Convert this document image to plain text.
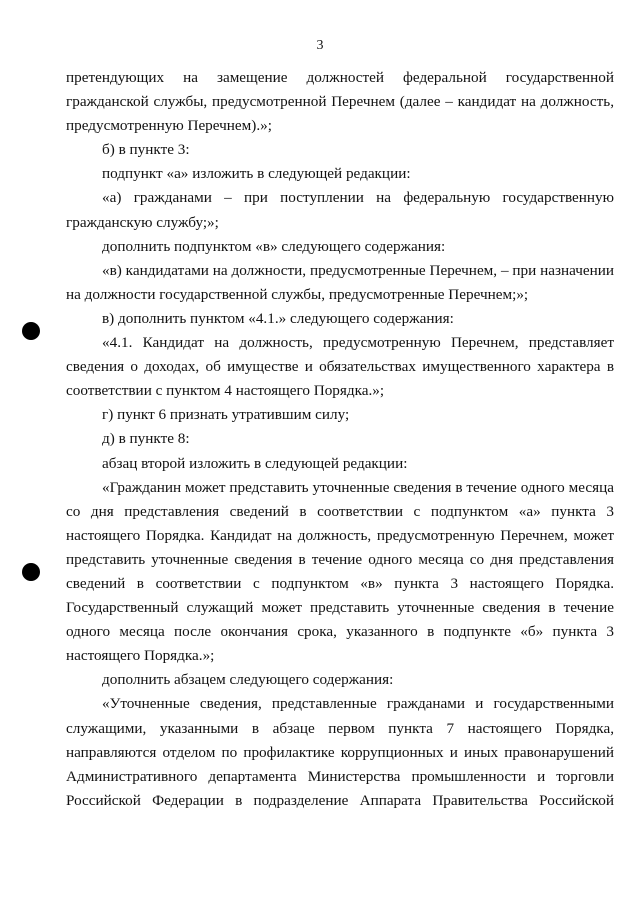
3

претендующих на замещение должностей федеральной государственной гражданской службы, предусмотренной Перечнем (далее – кандидат на должность, предусмотренную Перечнем).»;

б) в пункте 3:

подпункт «а» изложить в следующей редакции:

«а) гражданами – при поступлении на федеральную государственную гражданскую службу;»;

дополнить подпунктом «в» следующего содержания:

«в) кандидатами на должности, предусмотренные Перечнем, – при назначении на должности государственной службы, предусмотренные Перечнем;»;

в) дополнить пунктом «4.1.» следующего содержания:

«4.1. Кандидат на должность, предусмотренную Перечнем, представляет сведения о доходах, об имуществе и обязательствах имущественного характера в соответствии с пунктом 4 настоящего Порядка.»;

г) пункт 6 признать утратившим силу;

д) в пункте 8:

абзац второй изложить в следующей редакции:

«Гражданин может представить уточненные сведения в течение одного месяца со дня представления сведений в соответствии с подпунктом «а» пункта 3 настоящего Порядка. Кандидат на должность, предусмотренную Перечнем, может представить уточненные сведения в течение одного месяца со дня представления сведений в соответствии с подпунктом «в» пункта 3 настоящего Порядка. Государственный служащий может представить уточненные сведения в течение одного месяца после окончания срока, указанного в подпункте «б» пункта 3 настоящего Порядка.»;

дополнить абзацем следующего содержания:

«Уточненные сведения, представленные гражданами и государственными служащими, указанными в абзаце первом пункта 7 настоящего Порядка, направляются отделом по профилактике коррупционных и иных правонарушений Административного департамента Министерства промышленности и торговли Российской Федерации в подразделение Аппарата Правительства Российской
